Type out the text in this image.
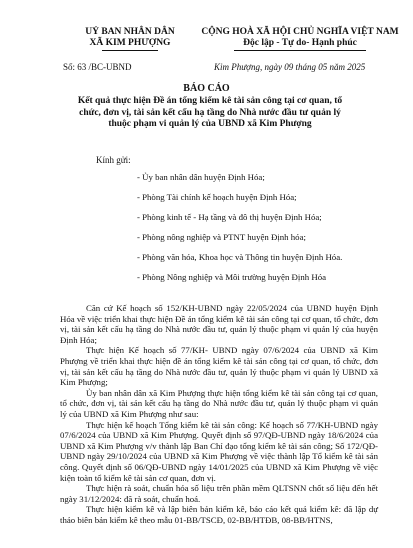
UỶ BAN NHÂN DÂN
XÃ KIM PHƯỢNG
CỘNG HOÀ XÃ HỘI CHỦ NGHĨA VIỆT NAM
Độc lập - Tự do- Hạnh phúc
Số: 63 /BC-UBND	Kim Phượng, ngày 09 tháng 05 năm 2025
BÁO CÁO
Kết quả thực hiện Đề án tổng kiểm kê tài sản công tại cơ quan, tổ chức, đơn vị, tài sản kết cấu hạ tầng do Nhà nước đầu tư quản lý thuộc phạm vi quản lý của UBND xã Kim Phượng
Kính gửi:
- Ủy ban nhân dân huyện Định Hóa;
- Phòng Tài chính kế hoạch huyện Định Hóa;
- Phòng kinh tế - Hạ tầng và đô thị huyện Định Hóa;
- Phòng nông nghiệp và PTNT huyện Định hóa;
- Phòng văn hóa, Khoa học và Thông tin huyện Định Hóa.
- Phòng Nông nghiệp và Môi trường huyện Định Hóa

Căn cứ Kế hoạch số 152/KH-UBND ngày 22/05/2024 của UBND huyện Định Hóa về việc triển khai thực hiện Đề án tổng kiểm kê tài sản công tại cơ quan, tổ chức, đơn vị, tài sản kết cấu hạ tầng do Nhà nước đầu tư, quản lý thuộc phạm vi quản lý của huyện Định Hóa;

Thực hiện Kế hoạch số 77/KH- UBND ngày 07/6/2024 của UBND xã Kim Phượng về triển khai thực hiện đề án tổng kiểm kê tài sản công tại cơ quan, tổ chức, đơn vị, tài sản kết cấu hạ tầng do Nhà nước đầu tư, quản lý thuộc phạm vi quản lý UBND xã Kim Phượng;

Ủy ban nhân dân xã Kim Phượng thực hiện tổng kiểm kê tài sản công tại cơ quan, tổ chức, đơn vị, tài sản kết cấu hạ tầng do Nhà nước đầu tư, quản lý thuộc phạm vi quản lý của UBND xã Kim Phượng như sau:

Thực hiện kế hoạch Tổng kiểm kê tài sản công: Kế hoạch số 77/KH-UBND ngày 07/6/2024 của UBND xã Kim Phượng. Quyết định số 97/QĐ-UBND ngày 18/6/2024 của UBND xã Kim Phượng v/v thành lập Ban Chỉ đạo tổng kiểm kê tài sản công; Số 172/QĐ-UBND ngày 29/10/2024 của UBND xã Kim Phượng về việc thành lập Tổ kiểm kê tài sản công. Quyết định số 06/QĐ-UBND ngày 14/01/2025 của UBND xã Kim Phượng về việc kiện toàn tổ kiểm kê tài sản cơ quan, đơn vị.

Thực hiện rà soát, chuẩn hóa số liệu trên phần mềm QLTSNN chốt số liệu đến hết ngày 31/12/2024: đã rà soát, chuẩn hoá.

Thực hiện kiểm kê và lập biên bản kiểm kê, báo cáo kết quả kiểm kê: đã lập dự thảo biên bản kiểm kê theo mẫu 01-BB/TSCĐ, 02-BB/HTĐB, 08-BB/HTNS,
